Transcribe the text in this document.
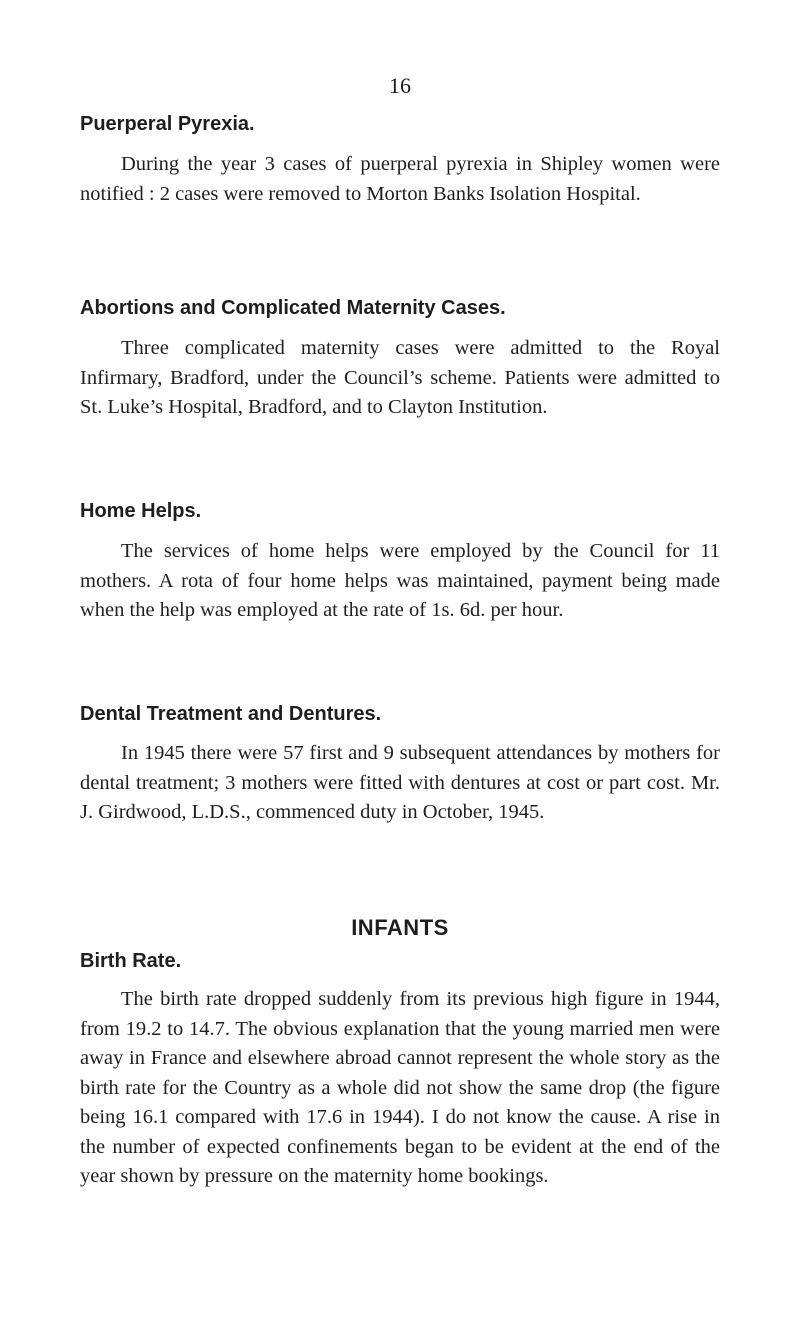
16
Puerperal Pyrexia.

During the year 3 cases of puerperal pyrexia in Shipley women were notified : 2 cases were removed to Morton Banks Isolation Hospital.

Abortions and Complicated Maternity Cases.

Three complicated maternity cases were admitted to the Royal Infirmary, Bradford, under the Council’s scheme. Patients were admitted to St. Luke’s Hospital, Bradford, and to Clayton Institution.

Home Helps.

The services of home helps were employed by the Council for 11 mothers. A rota of four home helps was maintained, payment being made when the help was employed at the rate of 1s. 6d. per hour.

Dental Treatment and Dentures.

In 1945 there were 57 first and 9 subsequent attendances by mothers for dental treatment; 3 mothers were fitted with dentures at cost or part cost. Mr. J. Girdwood, L.D.S., commenced duty in October, 1945.

INFANTS
Birth Rate.

The birth rate dropped suddenly from its previous high figure in 1944, from 19.2 to 14.7. The obvious explanation that the young married men were away in France and elsewhere abroad cannot represent the whole story as the birth rate for the Country as a whole did not show the same drop (the figure being 16.1 compared with 17.6 in 1944). I do not know the cause. A rise in the number of expected confinements began to be evident at the end of the year shown by pressure on the maternity home bookings.
